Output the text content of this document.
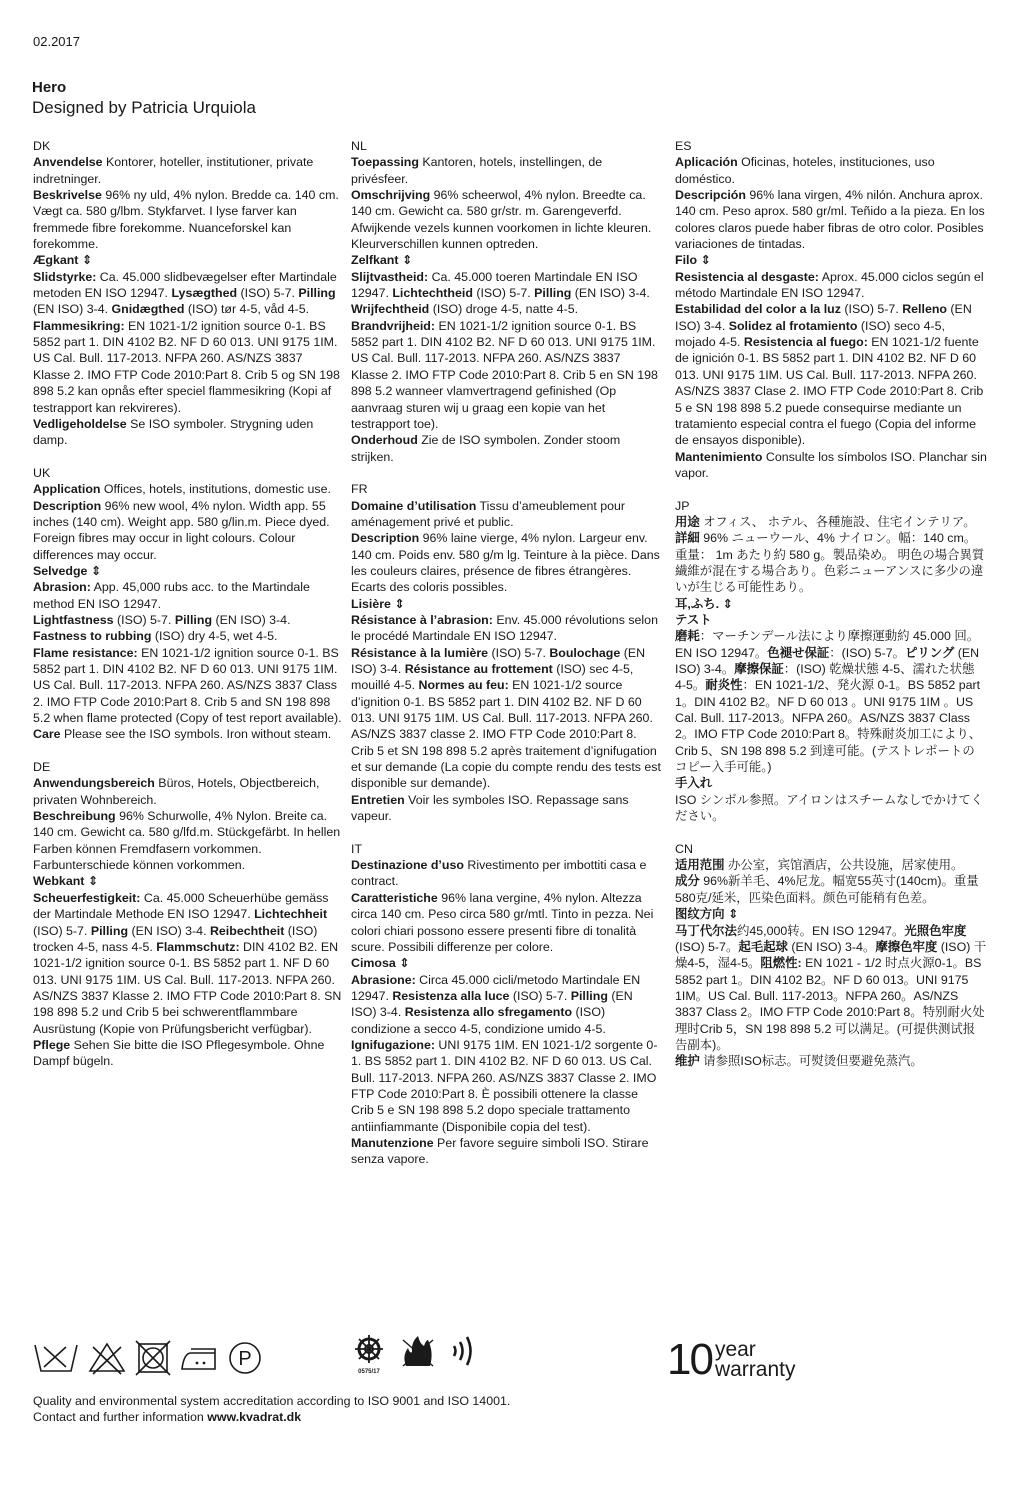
02.2017
Hero
Designed by Patricia Urquiola
DK
Anvendelse Kontorer, hoteller, institutioner, private indretninger.
Beskrivelse 96% ny uld, 4% nylon. Bredde ca. 140 cm. Vægt ca. 580 g/lbm. Stykfarvet. I lyse farver kan fremmede fibre forekomme. Nuanceforskel kan forekomme.
Ægkant ⇕
Slidstyrke: Ca. 45.000 slidbevægelser efter Martindale metoden EN ISO 12947. Lysægthed (ISO) 5-7. Pilling (EN ISO) 3-4. Gnidægthed (ISO) tør 4-5, våd 4-5. Flammesikring: EN 1021-1/2 ignition source 0-1. BS 5852 part 1. DIN 4102 B2. NF D 60 013. UNI 9175 1IM. US Cal. Bull. 117-2013. NFPA 260. AS/NZS 3837 Klasse 2. IMO FTP Code 2010:Part 8. Crib 5 og SN 198 898 5.2 kan opnås efter speciel flammesikring (Kopi af testrapport kan rekvireres).
Vedligeholdelse Se ISO symboler. Strygning uden damp.
UK
Application Offices, hotels, institutions, domestic use.
Description 96% new wool, 4% nylon. Width app. 55 inches (140 cm). Weight app. 580 g/lin.m. Piece dyed. Foreign fibres may occur in light colours. Colour differences may occur.
Selvedge ⇕
Abrasion: App. 45,000 rubs acc. to the Martindale method EN ISO 12947.
Lightfastness (ISO) 5-7. Pilling (EN ISO) 3-4.
Fastness to rubbing (ISO) dry 4-5, wet 4-5.
Flame resistance: EN 1021-1/2 ignition source 0-1. BS 5852 part 1. DIN 4102 B2. NF D 60 013. UNI 9175 1IM. US Cal. Bull. 117-2013. NFPA 260. AS/NZS 3837 Class 2. IMO FTP Code 2010:Part 8. Crib 5 and SN 198 898 5.2 when flame protected (Copy of test report available).
Care Please see the ISO symbols. Iron without steam.
DE
Anwendungsbereich Büros, Hotels, Objectbereich, privaten Wohnbereich.
Beschreibung 96% Schurwolle, 4% Nylon. Breite ca. 140 cm. Gewicht ca. 580 g/lfd.m. Stückgefärbt. In hellen Farben können Fremdfasern vorkommen. Farbunterschiede können vorkommen.
Webkant ⇕
Scheuerfestigkeit: Ca. 45.000 Scheuerhübe gemäss der Martindale Methode EN ISO 12947. Lichtechheit (ISO) 5-7. Pilling (EN ISO) 3-4. Reibechtheit (ISO) trocken 4-5, nass 4-5. Flammschutz: DIN 4102 B2. EN 1021-1/2 ignition source 0-1. BS 5852 part 1. NF D 60 013. UNI 9175 1IM. US Cal. Bull. 117-2013. NFPA 260. AS/NZS 3837 Klasse 2. IMO FTP Code 2010:Part 8. SN 198 898 5.2 und Crib 5 bei schwerentflammbare Ausrüstung (Kopie von Prüfungsbericht verfügbar).
Pflege Sehen Sie bitte die ISO Pflegesymbole. Ohne Dampf bügeln.
NL
Toepassing Kantoren, hotels, instellingen, de privésfeer.
Omschrijving 96% scheerwol, 4% nylon. Breedte ca. 140 cm. Gewicht ca. 580 gr/str. m. Garengeverfd. Afwijkende vezels kunnen voorkomen in lichte kleuren. Kleurverschillen kunnen optreden.
Zelfkant ⇕
Slijtvastheid: Ca. 45.000 toeren Martindale EN ISO 12947. Lichtechtheid (ISO) 5-7. Pilling (EN ISO) 3-4. Wrijfechtheid (ISO) droge 4-5, natte 4-5. Brandvrijheid: EN 1021-1/2 ignition source 0-1. BS 5852 part 1. DIN 4102 B2. NF D 60 013. UNI 9175 1IM. US Cal. Bull. 117-2013. NFPA 260. AS/NZS 3837 Klasse 2. IMO FTP Code 2010:Part 8. Crib 5 en SN 198 898 5.2 wanneer vlamvertragend gefinished (Op aanvraag sturen wij u graag een kopie van het testrapport toe).
Onderhoud Zie de ISO symbolen. Zonder stoom strijken.
FR
Domaine d’utilisation Tissu d’ameublement pour aménagement privé et public.
Description 96% laine vierge, 4% nylon. Largeur env. 140 cm. Poids env. 580 g/m lg. Teinture à la pièce. Dans les couleurs claires, présence de fibres étrangères. Ecarts des coloris possibles.
Lisière ⇕
Résistance à l’abrasion: Env. 45.000 révolutions selon le procédé Martindale EN ISO 12947.
Résistance à la lumière (ISO) 5-7. Boulochage (EN ISO) 3-4. Résistance au frottement (ISO) sec 4-5, mouillé 4-5. Normes au feu: EN 1021-1/2 source d’ignition 0-1. BS 5852 part 1. DIN 4102 B2. NF D 60 013. UNI 9175 1IM. US Cal. Bull. 117-2013. NFPA 260. AS/NZS 3837 classe 2. IMO FTP Code 2010:Part 8. Crib 5 et SN 198 898 5.2 après traitement d’ignifugation et sur demande (La copie du compte rendu des tests est disponible sur demande).
Entretien Voir les symboles ISO. Repassage sans vapeur.
IT
Destinazione d’uso Rivestimento per imbottiti casa e contract.
Caratteristiche 96% lana vergine, 4% nylon. Altezza circa 140 cm. Peso circa 580 gr/mtl. Tinto in pezza. Nei colori chiari possono essere presenti fibre di tonalità scure. Possibili differenze per colore.
Cimosa ⇕
Abrasione: Circa 45.000 cicli/metodo Martindale EN 12947. Resistenza alla luce (ISO) 5-7. Pilling (EN ISO) 3-4. Resistenza allo sfregamento (ISO) condizione a secco 4-5, condizione umido 4-5. Ignifugazione: UNI 9175 1IM. EN 1021-1/2 sorgente 0-1. BS 5852 part 1. DIN 4102 B2. NF D 60 013. US Cal. Bull. 117-2013. NFPA 260. AS/NZS 3837 Classe 2. IMO FTP Code 2010:Part 8. È possibili ottenere la classe Crib 5 e SN 198 898 5.2 dopo speciale trattamento antiinfiammante (Disponibile copia del test).
Manutenzione Per favore seguire simboli ISO. Stirare senza vapore.
ES
Aplicación Oficinas, hoteles, instituciones, uso doméstico.
Descripción 96% lana virgen, 4% nilón. Anchura aprox. 140 cm. Peso aprox. 580 gr/ml. Teñido a la pieza. En los colores claros puede haber fibras de otro color. Posibles variaciones de tintadas.
Filo ⇕
Resistencia al desgaste: Aprox. 45.000 ciclos según el método Martindale EN ISO 12947.
Estabilidad del color a la luz (ISO) 5-7. Relleno (EN ISO) 3-4. Solidez al frotamiento (ISO) seco 4-5, mojado 4-5. Resistencia al fuego: EN 1021-1/2 fuente de ignición 0-1. BS 5852 part 1. DIN 4102 B2. NF D 60 013. UNI 9175 1IM. US Cal. Bull. 117-2013. NFPA 260. AS/NZS 3837 Clase 2. IMO FTP Code 2010:Part 8. Crib 5 e SN 198 898 5.2 puede consequirse mediante un tratamiento especial contra el fuego (Copia del informe de ensayos disponible).
Mantenimiento Consulte los símbolos ISO. Planchar sin vapor.
JP
用途 オフィス、 ホテル、各種施設、住宅インテリア。
詳細 96% ニューウール、4% ナイロン。幅：140 cm。重量： 1m あたり約 580 g。製品染め。 明色の場合異質繊維が混在する場合あり。色彩ニューアンスに多少の違いが生じる可能性あり。
耳,ふち. ⇕
テスト
磨耗：マーチンデール法により摩擦運動約 45.000 回。EN ISO 12947。色褪せ保証：(ISO) 5-7。ピリング (EN ISO) 3-4。摩擦保証：(ISO) 乾燥状態 4-5、濡れた状態 4-5。耐炎性：EN 1021-1/2、発火源 0-1。BS 5852 part 1。DIN 4102 B2。NF D 60 013 。UNI 9175 1IM 。US Cal. Bull. 117-2013。NFPA 260。AS/NZS 3837 Class 2。IMO FTP Code 2010:Part 8。特殊耐炎加工により、Crib 5、SN 198 898 5.2 到達可能。(テストレポートのコピー入手可能。)
手入れ
ISO シンボル参照。アイロンはスチームなしでかけてください。
CN
适用范围 办公室，宾馆酒店，公共设施，居家使用。
成分 96%新羊毛、4%尼龙。幅宽55英寸(140cm)。重量580克/延米，匹染色面料。颜色可能稍有色差。
图纹方向 ⇕
马丁代尔法约45,000转。EN ISO 12947。光照色牢度 (ISO) 5-7。起毛起球 (EN ISO) 3-4。摩擦色牢度 (ISO) 干燥4-5，湿4-5。阻燃性: EN 1021 - 1/2 时点火源0-1。BS 5852 part 1。DIN 4102 B2。NF D 60 013。UNI 9175 1IM。US Cal. Bull. 117-2013。NFPA 260。AS/NZS 3837 Class 2。IMO FTP Code 2010:Part 8。特别耐火处理时Crib 5，SN 198 898 5.2 可以满足。(可提供测试报告副本)。
维护 请参照ISO标志。可熨烫但要避免蒸汽。
P
0575/17	10 year
warranty
Quality and environmental system accreditation according to ISO 9001 and ISO 14001.
Contact and further information www.kvadrat.dk
